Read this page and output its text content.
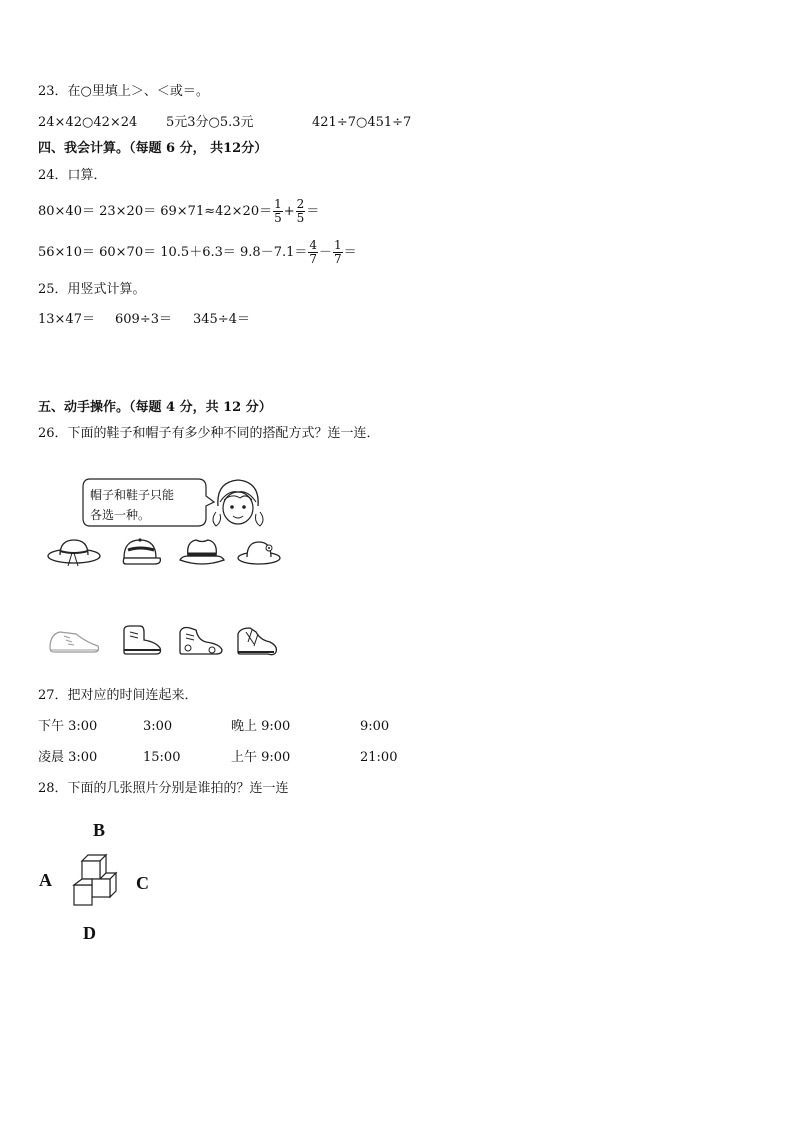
23．在○里填上＞、＜或＝。
24×42○42×24 5元3分○5.3元	421÷7○451÷7
四、我会计算。（每题 6 分， 共12分）
24．口算．
$80\times 40= 23\times 20= 69\times 71\approx 42\times 20= \frac{1}{5} + \frac{2}{5}$ ＝
$56\times 10= 60\times 70= 10.5+6.3= 9.8-7.1= \frac{4}{7} - \frac{1}{7}$ ＝
25．用竖式计算。
13×47＝ 609÷3＝ 345÷4＝
五、动手操作。（每题 4 分，共 12 分）
26．下面的鞋子和帽子有多少种不同的搭配方式？连一连．
帽子和鞋子只能
各选一种。
27．把对应的时间连起来．
下午 3:00	3:00	晚上 9:00	9:00
凌晨 3:00	15:00	上午 9:00	21:00
28．下面的几张照片分别是谁拍的？连一连
B
A	C
D
